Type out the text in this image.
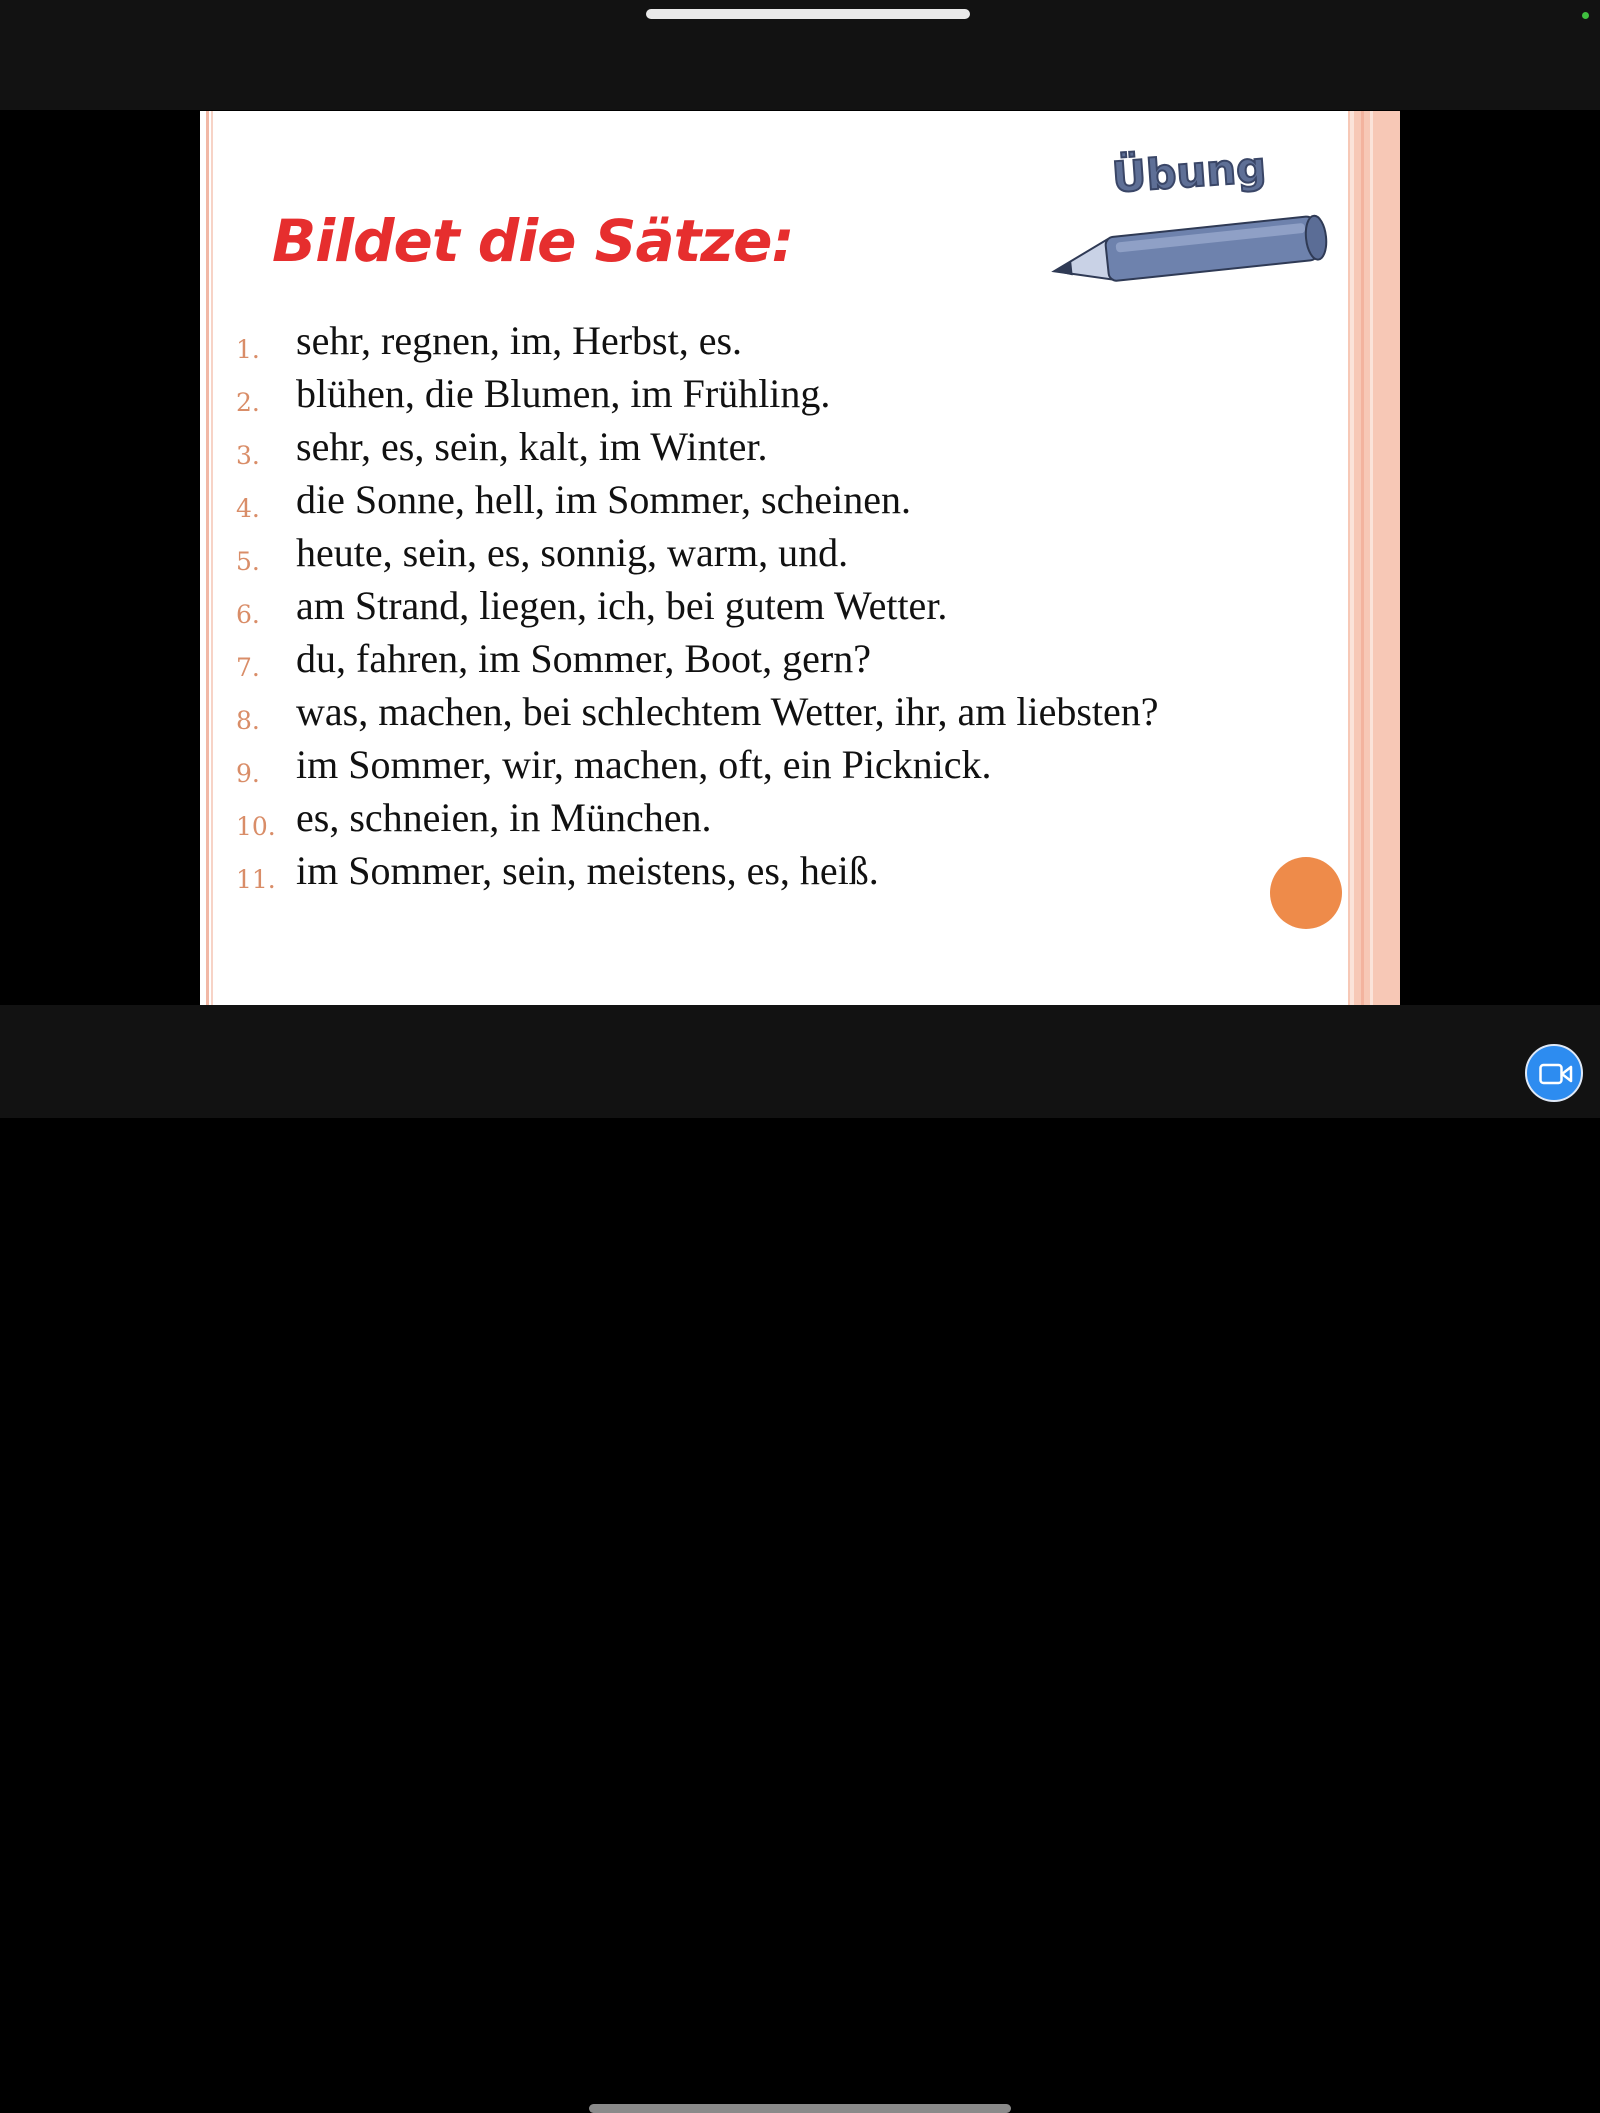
Bildet die Sätze:
Übung
1. sehr, regnen, im, Herbst, es.
2. blühen, die Blumen, im Frühling.
3. sehr, es, sein, kalt, im Winter.
4. die Sonne, hell, im Sommer, scheinen.
5. heute, sein, es, sonnig, warm, und.
6. am Strand, liegen, ich, bei gutem Wetter.
7. du, fahren, im Sommer, Boot, gern?
8. was, machen, bei schlechtem Wetter, ihr, am liebsten?
9. im Sommer, wir, machen, oft, ein Picknick.
10. es, schneien, in München.
11. im Sommer, sein, meistens, es, heiß.
